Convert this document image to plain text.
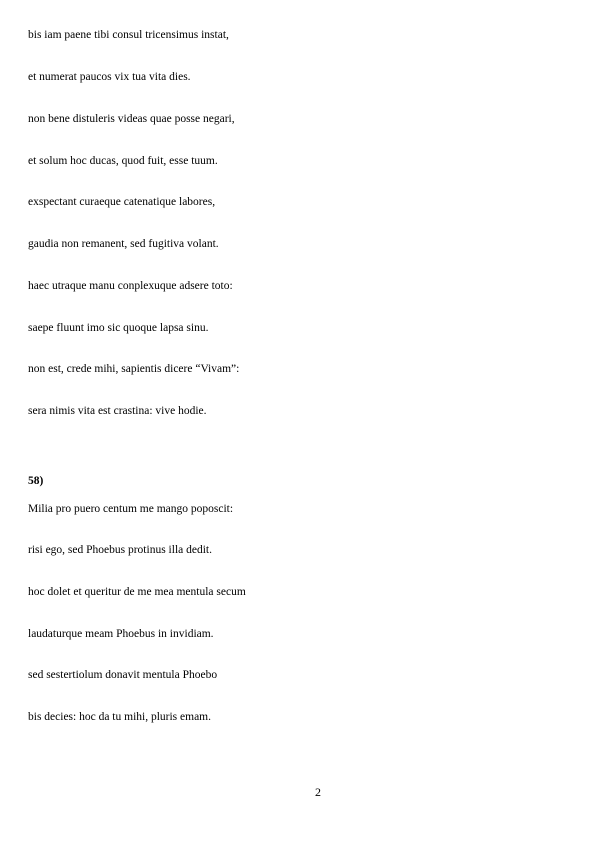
bis iam paene tibi consul tricensimus instat,
et numerat paucos vix tua vita dies.
non bene distuleris videas quae posse negari,
et solum hoc ducas, quod fuit, esse tuum.
exspectant curaeque catenatique labores,
gaudia non remanent, sed fugitiva volant.
haec utraque manu conplexuque adsere toto:
saepe fluunt imo sic quoque lapsa sinu.
non est, crede mihi, sapientis dicere “Vivam”:
sera nimis vita est crastina: vive hodie.
58)
Milia pro puero centum me mango poposcit:
risi ego, sed Phoebus protinus illa dedit.
hoc dolet et queritur de me mea mentula secum
laudaturque meam Phoebus in invidiam.
sed sestertiolum donavit mentula Phoebo
bis decies: hoc da tu mihi, pluris emam.
2
